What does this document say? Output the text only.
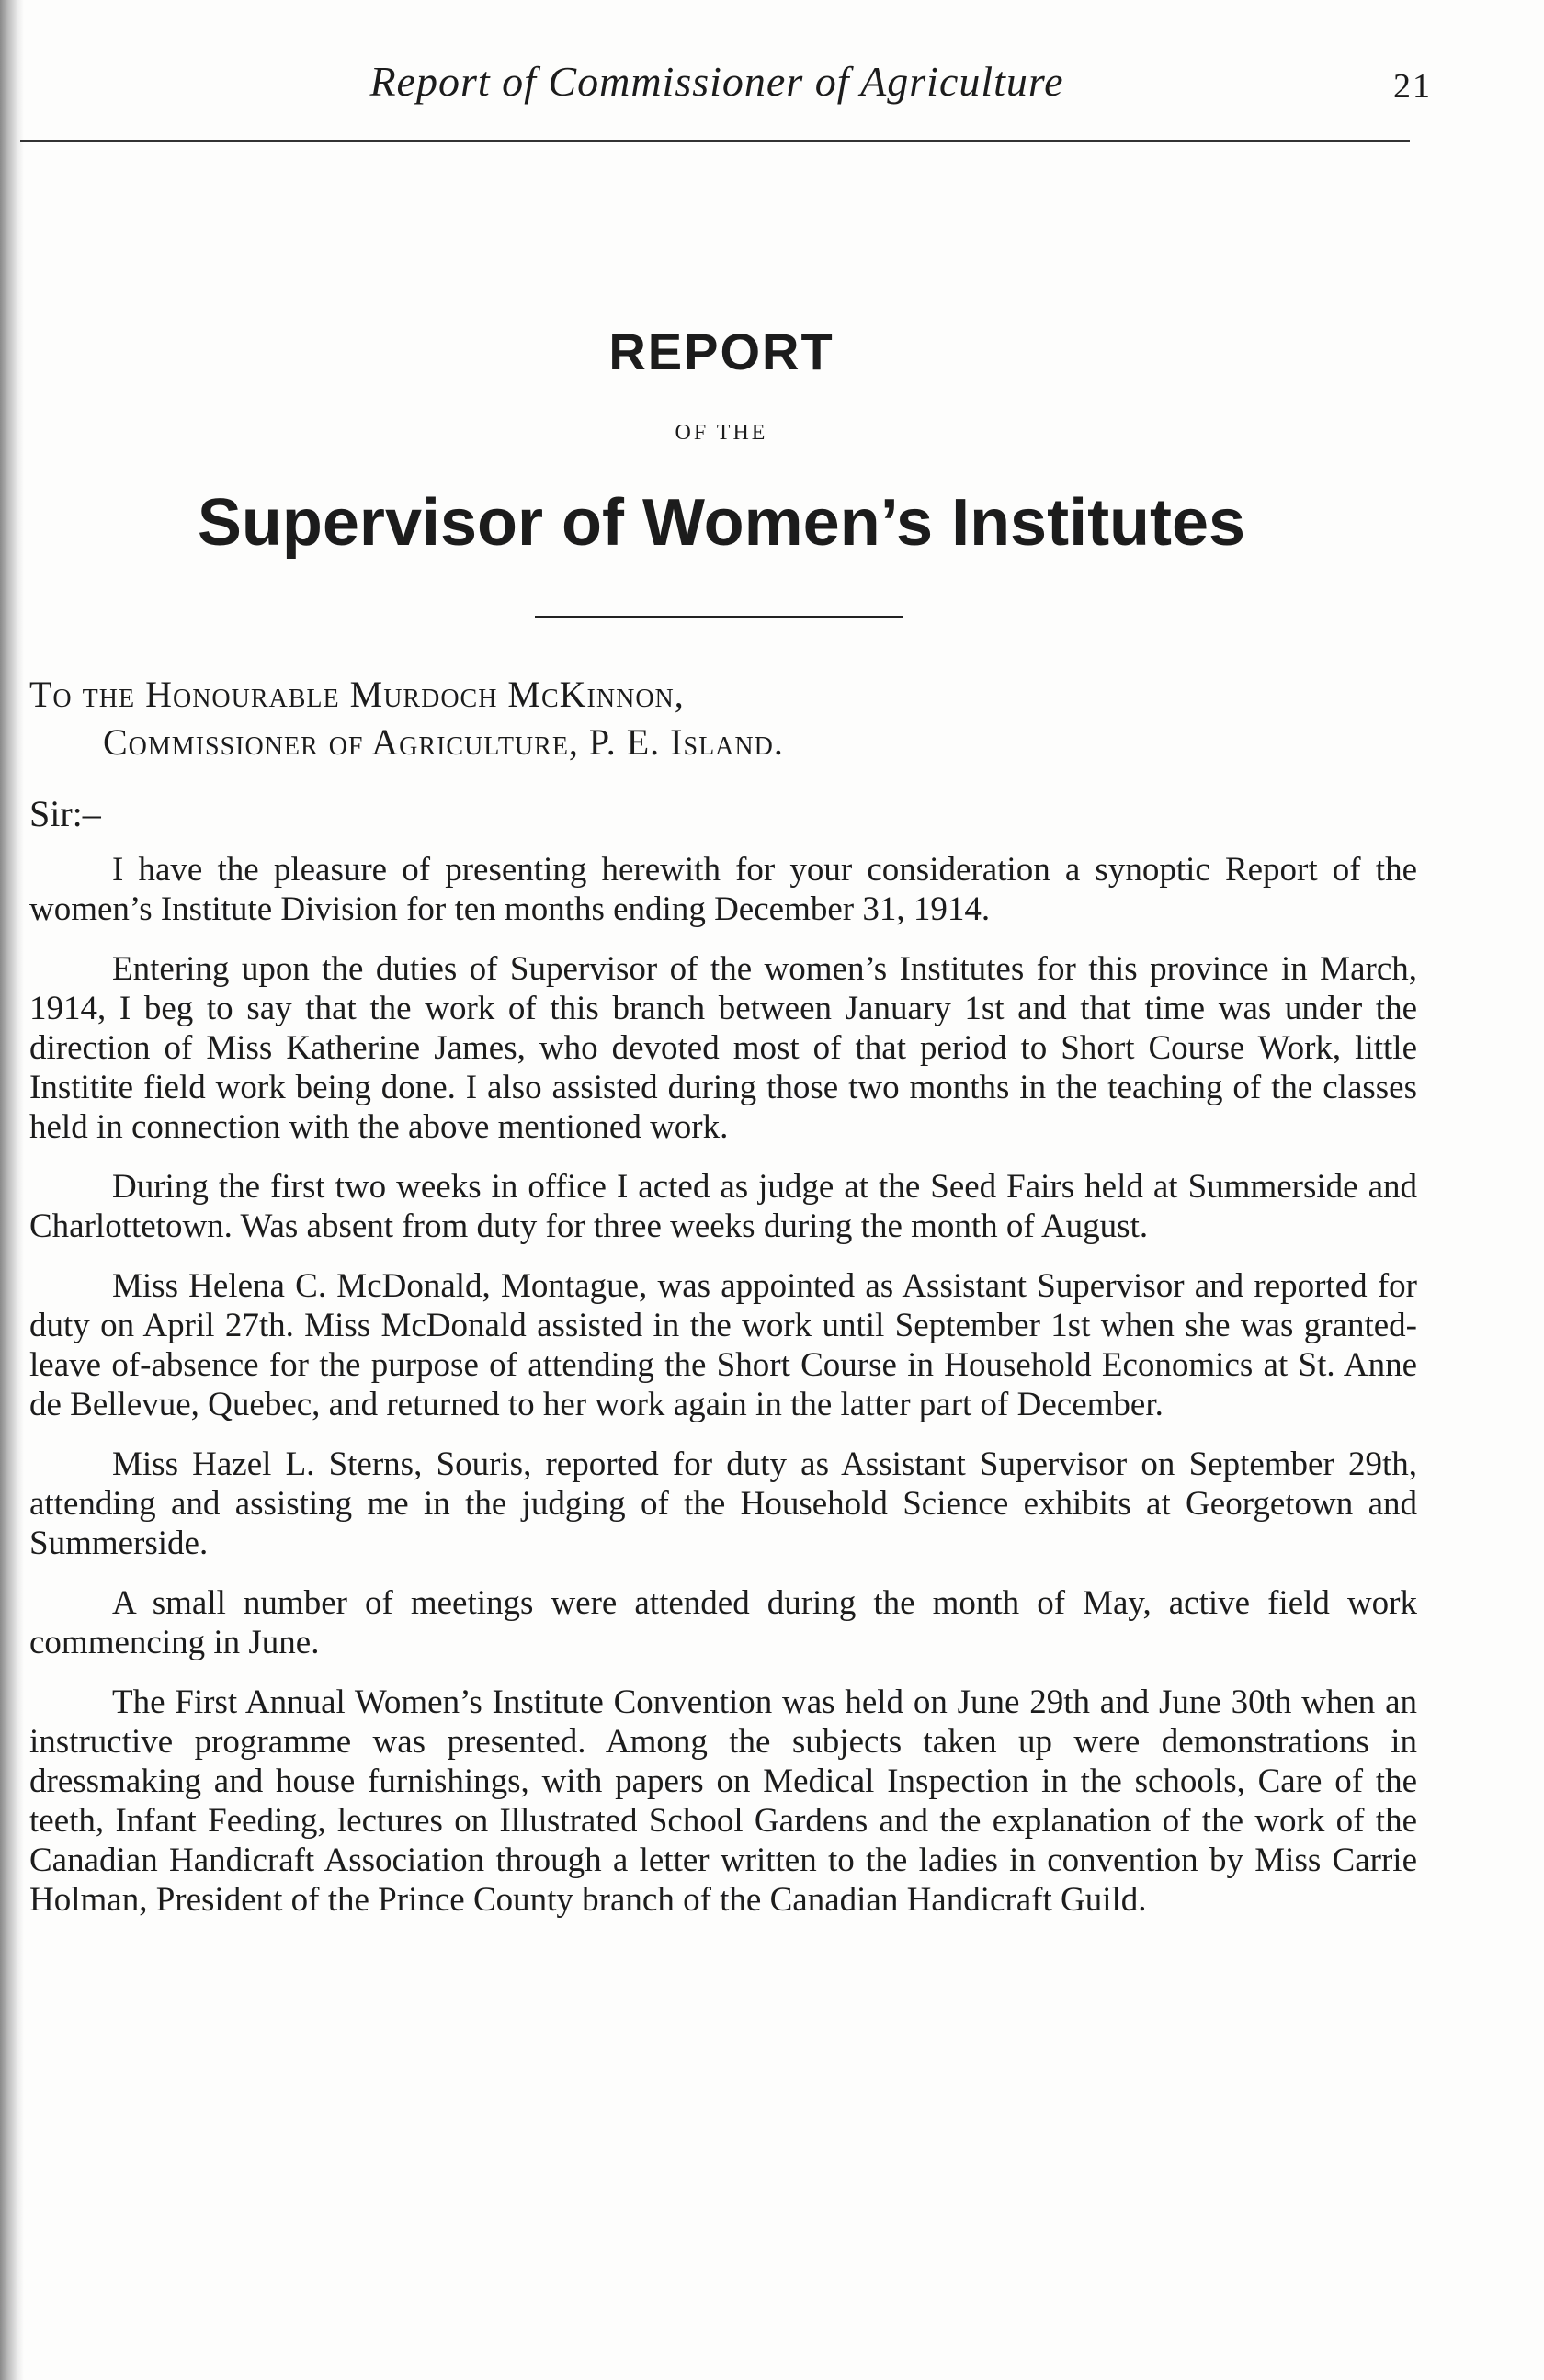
Report of Commissioner of Agriculture	21
REPORT
OF THE
Supervisor of Women’s Institutes
To the Honourable Murdoch McKinnon,
Commissioner of Agriculture, P. E. Island.
Sir:–

I have the pleasure of presenting herewith for your consideration a synoptic Report of the women’s Institute Division for ten months ending December 31, 1914.

Entering upon the duties of Supervisor of the women’s Institutes for this province in March, 1914, I beg to say that the work of this branch between January 1st and that time was under the direction of Miss Katherine James, who devoted most of that period to Short Course Work, little Institite field work being done. I also assisted during those two months in the teaching of the classes held in connection with the above mentioned work.

During the first two weeks in office I acted as judge at the Seed Fairs held at Summerside and Charlottetown. Was absent from duty for three weeks during the month of August.

Miss Helena C. McDonald, Montague, was appointed as Assistant Supervisor and reported for duty on April 27th. Miss McDonald assisted in the work until September 1st when she was granted-leave of-absence for the purpose of attending the Short Course in Household Economics at St. Anne de Bellevue, Quebec, and returned to her work again in the latter part of December.

Miss Hazel L. Sterns, Souris, reported for duty as Assistant Supervisor on September 29th, attending and assisting me in the judging of the Household Science exhibits at Georgetown and Summerside.

A small number of meetings were attended during the month of May, active field work commencing in June.

The First Annual Women’s Institute Convention was held on June 29th and June 30th when an instructive programme was presented. Among the subjects taken up were demonstrations in dressmaking and house furnishings, with papers on Medical Inspection in the schools, Care of the teeth, Infant Feeding, lectures on Illustrated School Gardens and the explanation of the work of the Canadian Handicraft Association through a letter written to the ladies in convention by Miss Carrie Holman, President of the Prince County branch of the Canadian Handicraft Guild.
